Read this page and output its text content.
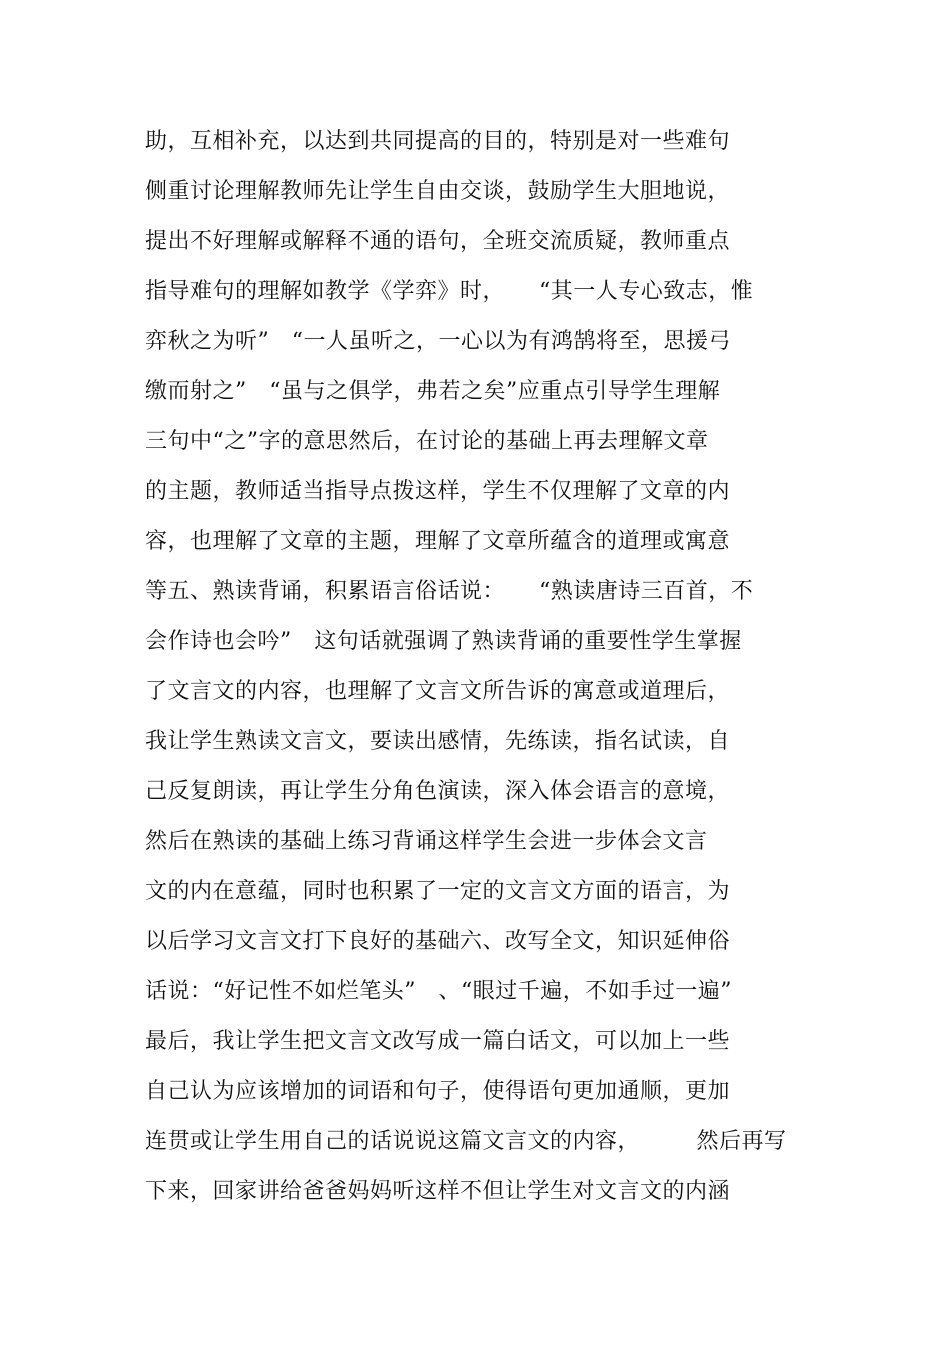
助，互相补充，以达到共同提高的目的，特别是对一些难句
侧重讨论理解教师先让学生自由交谈，鼓励学生大胆地说，
提出不好理解或解释不通的语句，全班交流质疑，教师重点
指导难句的理解如教学《学弈》时，　　“其一人专心致志，惟
弈秋之为听”　“一人虽听之，一心以为有鸿鹄将至，思援弓
缴而射之”　“虽与之俱学，弗若之矣”应重点引导学生理解
三句中“之”字的意思然后，在讨论的基础上再去理解文章
的主题，教师适当指导点拨这样，学生不仅理解了文章的内
容，也理解了文章的主题，理解了文章所蕴含的道理或寓意
等五、熟读背诵，积累语言俗话说：　　“熟读唐诗三百首，不
会作诗也会吟”　这句话就强调了熟读背诵的重要性学生掌握
了文言文的内容，也理解了文言文所告诉的寓意或道理后，
我让学生熟读文言文，要读出感情，先练读，指名试读，自
己反复朗读，再让学生分角色演读，深入体会语言的意境，
然后在熟读的基础上练习背诵这样学生会进一步体会文言
文的内在意蕴，同时也积累了一定的文言文方面的语言，为
以后学习文言文打下良好的基础六、改写全文，知识延伸俗
话说：“好记性不如烂笔头”　、“眼过千遍，不如手过一遍”
最后，我让学生把文言文改写成一篇白话文，可以加上一些
自己认为应该增加的词语和句子，使得语句更加通顺，更加
连贯或让学生用自己的话说说这篇文言文的内容，　　　然后再写
下来，回家讲给爸爸妈妈听这样不但让学生对文言文的内涵
